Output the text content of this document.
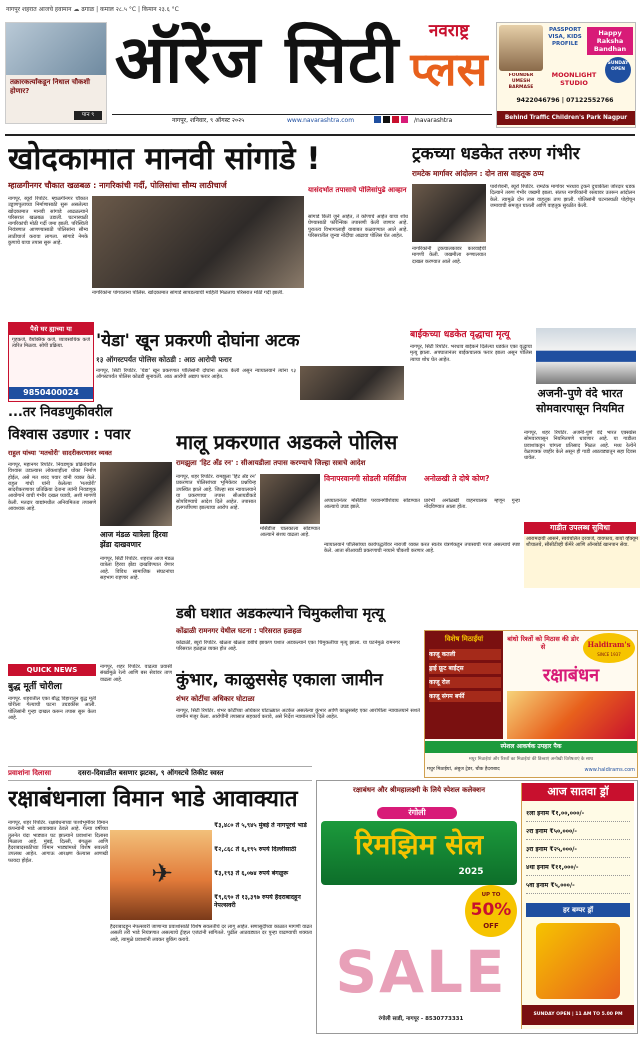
नागपूर शहरात आजचे हवामान ☁ ढगाळ | कमाल २८.५ °C | किमान २३.६ °C
तक्रारकर्त्यांकडून निधाल चौकशी होणार?
पान ९
ऑरेंज सिटी	नवराष्ट्र
प्लस
PASSPORT VISA, KIDS PROFILE
Happy Raksha Bandhan
FOUNDER UMESH BARMASE
MOONLIGHT STUDIO
SUNDAY OPEN
9422046796 | 07122552766
Behind Traffic Children's Park Nagpur
नागपूर, शनिवार, ९ ऑगस्ट २०२५	www.navarashtra.com
	/navarashtra
खोदकामात मानवी सांगाडे !
म्हाळगीनगर चौकात खळबळ : नागरिकांची गर्दी, पोलिसांचा सौम्य लाठीचार्ज
नागपूर, ब्यूरो रिपोर्टर. म्हाळगीनगर चौकात उड्डाणपुलाच्या निर्माणासाठी सुरू असलेल्या खोदकामात मानवी सांगाडे आढळल्याने परिसरात खळबळ उडाली. घटनास्थळी नागरिकांची मोठी गर्दी जमा झाली. परिस्थिती नियंत्रणात आणण्यासाठी पोलिसांना सौम्य लाठीचार्ज करावा लागला. सांगाडे नेमके कुणाचे याचा तपास सुरू आहे.
नागरिकांना पांगवताना पोलिस. खोदकामात सांगाडे सापडल्याची माहिती मिळताच परिसरात मोठी गर्दी झाली.
यासंदर्भात तपासाचे पोलिसांपुढे आव्हान
सांगाडे किती जुने आहेत, ते कोणाचे आहेत याचा शोध घेण्यासाठी फॉरेन्सिक तपासणी केली जाणार आहे. पुरातत्व विभागालाही याबाबत कळवण्यात आले आहे. परिसरातील जुन्या नोंदींचा आढावा पोलिस घेत आहेत.
पैसे घर ह्याच्या या
गृहकर्ज, वैयक्तिक कर्ज, व्यावसायिक कर्ज त्वरित मिळवा. सोपी प्रक्रिया.
9850400024
ट्रकच्या धडकेत तरुण गंभीर
रामटेक मार्गावर आंदोलन : दोन तास वाहतूक ठप्प
पारशिवनी, ब्यूरो रिपोर्टर. रामटेक मार्गावर भरधाव ट्रकने दुचाकीला जोरदार धडक दिल्याने तरुण गंभीर जखमी झाला. संतप्त नागरिकांनी रस्त्यावर उतरून आंदोलन केले. त्यामुळे दोन तास वाहतूक ठप्प झाली. पोलिसांनी घटनास्थळी पोहोचून जमावाची समजूत घातली आणि वाहतूक सुरळीत केली.
नागरिकांनी ट्रकचालकावर कारवाईची मागणी केली. जखमीला रुग्णालयात दाखल करण्यात आले आहे.
'येडा' खून प्रकरणी दोघांना अटक
१३ ऑगस्टपर्यंत पोलिस कोठडी : आठ आरोपी फरार
नागपूर, सिटी रिपोर्टर. 'येडा' खून प्रकरणात पोलिसांनी दोघांना अटक केली असून न्यायालयाने त्यांना १३ ऑगस्टपर्यंत पोलिस कोठडी सुनावली. आठ आरोपी अद्याप फरार आहेत.
बाईकच्या धडकेत वृद्धाचा मृत्यू
नागपूर, सिटी रिपोर्टर. भरधाव बाईकने दिलेल्या धडकेत एका वृद्धाचा मृत्यू झाला. अपघातानंतर बाईकचालक फरार झाला असून पोलिस त्याचा शोध घेत आहेत.
अजनी-पुणे वंदे भारत सोमवारपासून नियमित
नागपूर, शहर रिपोर्टर. अजनी-पुणे वंदे भारत एक्सप्रेस सोमवारपासून नियमितपणे धावणार आहे. या गाडीला प्रवाशांकडून चांगला प्रतिसाद मिळत आहे. मध्य रेल्वेने वेळापत्रक जाहीर केले असून ही गाडी आठवड्यातून सहा दिवस धावेल.
गाडीत उपलब्ध सुविधा
आरामदायी आसने, स्वयंचलित दरवाजे, वायफाय, बायो व्हॅक्यूम शौचालये, सीसीटीव्ही कॅमेरे आणि ऑनबोर्ड खानपान सेवा.
...तर निवडणुकीवरील
विश्वास उडणार : पवार
राहुल यांच्या 'मतचोरी' सादरीकरणावर व्यक्त
नागपूर, महानगर रिपोर्टर. निवडणूक प्रक्रियेवरील विश्वास उडाल्यास लोकशाहीला धोका निर्माण होईल, असे मत शरद पवार यांनी व्यक्त केले. राहुल गांधी यांनी केलेल्या 'मतचोरी' सादरीकरणावर प्रतिक्रिया देताना त्यांनी निवडणूक आयोगाने याची गंभीर दखल घ्यावी, अशी मागणी केली. मतदार याद्यांमधील अनियमितता तपासणे आवश्यक आहे.
मालू प्रकरणात अडकले पोलिस
रामझुला 'हिट ॲंड रन' : सीआयडीला तपास करण्याचे जिल्हा सत्राचे आदेश
नागपूर, शहर रिपोर्टर. रामझुला 'हिट ॲंड रन' प्रकरणात पोलिसांच्या भूमिकेवर प्रश्नचिन्ह उपस्थित झाले आहे. जिल्हा सत्र न्यायालयाने या प्रकरणाचा तपास सीआयडीकडे सोपविण्याचे आदेश दिले आहेत. तपासात हलगर्जीपणा झाल्याचा आरोप आहे.
मर्सिडीज चालकाला सोडण्यात आल्याने संशय वाढला आहे.
विनापरवानगी सोडली मर्सिडीज
अपघातानंतर मर्सिडीज परवानगीशिवाय सोडण्यात आल्याचे उघड झाले.
अनोळखी ते दोषे कोण?
प्रारंभी अनोळखी वाहनचालक म्हणून गुन्हा नोंदविण्यात आला होता.
न्यायालयाने पोलिसांच्या कार्यपद्धतीवर नाराजी व्यक्त करत स्वतंत्र यंत्रणेकडून तपासाची गरज असल्याचे स्पष्ट केले. आता सीआयडी प्रकरणाची नव्याने चौकशी करणार आहे.
आज मंडळ यात्रेला हिरवा झेंडा दाखवणार
नागपूर, सिटी रिपोर्टर. शहरात आज मंडळ यात्रेला हिरवा झेंडा दाखविण्यात येणार आहे. विविध सामाजिक संघटनांचा सहभाग राहणार आहे.
डबी घशात अडकल्याने चिमुकलीचा मृत्यू
कोंढाळी रामनगर येथील घटना : परिसरात हळहळ
कोंढाळी, ब्यूरो रिपोर्टर. खेळता खेळता डबीचे झाकण घशात अडकल्याने एका चिमुकलीचा मृत्यू झाला. या घटनेमुळे रामनगर परिसरात हळहळ व्यक्त होत आहे.
कुंभार, काळुससेह एकाला जामीन
शंभर कोटींचा अधिकार घोटाळा
नागपूर, सिटी रिपोर्टर. शंभर कोटींच्या अधिकार घोटाळ्यात अटकेत असलेल्या कुंभार आणि काळुससेह एका आरोपीला न्यायालयाने सशर्त जामीन मंजूर केला. आरोपींनी तपासात सहकार्य करावे, असे निर्देश न्यायालयाने दिले आहेत.
QUICK NEWS
बुद्ध मूर्ती चोरीला
नागपूर. शहरातील एका बौद्ध विहारातून बुद्ध मूर्ती चोरीला गेल्याची घटना उघडकीस आली. पोलिसांनी गुन्हा दाखल करून तपास सुरू केला आहे.
नागपूर, शहर रिपोर्टर. वाढत्या प्रवासी संख्येमुळे रेल्वे आणि बस सेवांवर ताण वाढला आहे.
प्रवाशांना दिलासा	दसरा-दिवाळीत बसणार झटका, ९ ऑगस्टचे तिकीट स्वस्त
रक्षाबंधनाला विमान भाडे आवाक्यात
नागपूर, शहर रिपोर्टर. रक्षाबंधनाच्या पार्श्वभूमीवर विमान कंपन्यांनी भाडे आवाक्यात ठेवले आहे. गेल्या वर्षीच्या तुलनेत यंदा भाड्यात घट झाल्याने प्रवाशांना दिलासा मिळाला आहे. मुंबई, दिल्ली, बंगळुरू आणि हैदराबादसाठीच्या विमान भाड्यांमध्ये विशेष सवलती उपलब्ध आहेत. आगाऊ आरक्षण केल्यास आणखी फायदा होईल.
₹३,४८० ते ५,९४५ मुंबई ते नागपूरचे भाडे
₹२,८६८ ते ६,१९५ रुपये दिल्लीसाठी
₹३,१९३ ते ६,०७४ रुपये बंगळुरू
₹९,६९० ते १३,३९७ रुपये हैदराबादहून नेपल्सवरी
✈
हैदराबादहून नेपल्सवरी जाणाऱ्या प्रवाशांसाठी विशेष सवलतीचे दर लागू आहेत. सणासुदीच्या काळात मागणी वाढत असली तरी भाडे नियंत्रणात असल्याचे ट्रॅव्हल एजंटांनी सांगितले. पुढील आठवड्यात दर पुन्हा वाढण्याची शक्यता आहे, त्यामुळे प्रवाशांनी लवकर बुकिंग करावे.
विशेष मिठाईयां
काजू कतली
ड्राई फ्रूट बाईट्स
काजू रोल
काजू संगम बर्फी
बांधो रिश्तों को मिठास की डोर से	Haldiram's
SINCE 1937
रक्षाबंधन
स्पेशल आकर्षक उपहार पैक
मधुर मिठाईयां और रिश्तों का मिठाईयां की डिब्बाएं अनोखी विशेषताएं के साथ
मधुर मिठाईयां, अंबुज ट्रेडर, चौक हैदराबाद	www.haldirams.com
रक्षाबंधन और श्रीमहालक्ष्मी के लिये स्पेशल कलेक्शन
रंगोली
रिमझिम सेल
2025
UP TO
50%
OFF
SALE
रंगोली साडी, नागपूर - 8530773331
आज सातवा ड्रॉ
१ला इनाम ₹१,००,०००/-
२रा इनाम ₹५०,०००/-
३रा इनाम ₹२५,०००/-
४था इनाम ₹११,०००/-
५वा इनाम ₹५,०००/-
हर बम्पर ड्रॉ
SUNDAY OPEN | 11 AM TO 5.00 PM
